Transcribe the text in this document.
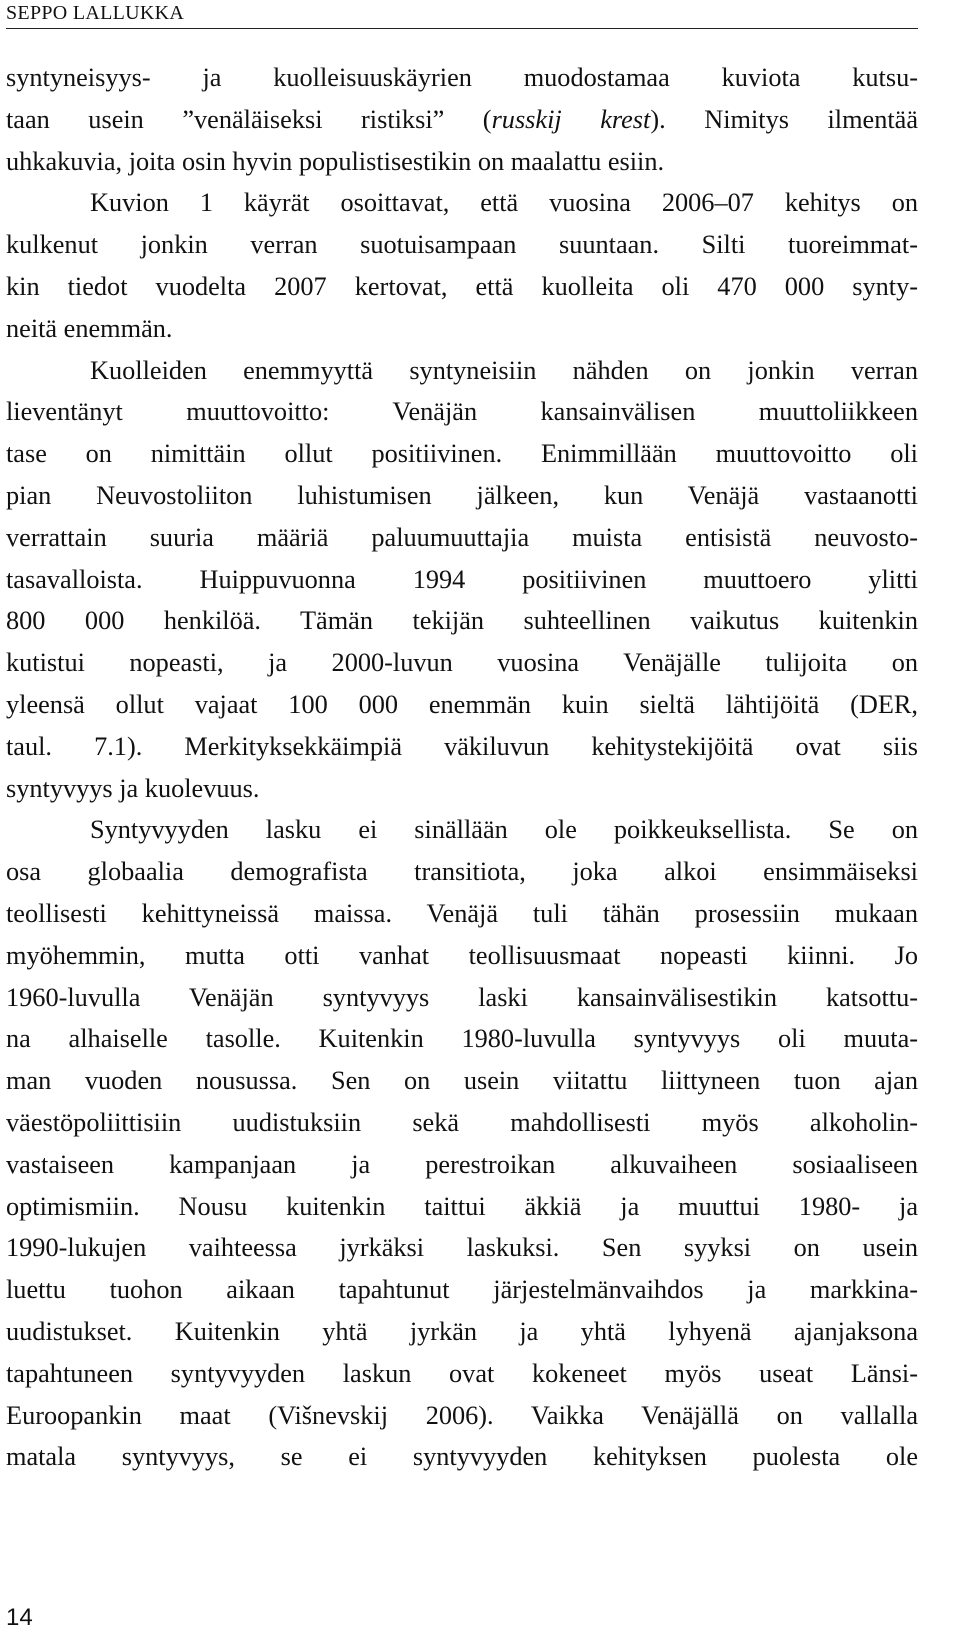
SEPPO LALLUKKA
syntyneisyys- ja kuolleisuuskäyrien muodostamaa kuviota kutsu-
taan usein ”venäläiseksi ristiksi” (russkij krest). Nimitys ilmentää
uhkakuvia, joita osin hyvin populistisestikin on maalattu esiin.
Kuvion 1 käyrät osoittavat, että vuosina 2006–07 kehitys on
kulkenut jonkin verran suotuisampaan suuntaan. Silti tuoreimmat-
kin tiedot vuodelta 2007 kertovat, että kuolleita oli 470 000 synty-
neitä enemmän.
Kuolleiden enemmyyttä syntyneisiin nähden on jonkin verran
lieventänyt muuttovoitto: Venäjän kansainvälisen muuttoliikkeen
tase on nimittäin ollut positiivinen. Enimmillään muuttovoitto oli
pian Neuvostoliiton luhistumisen jälkeen, kun Venäjä vastaanotti
verrattain suuria määriä paluumuuttajia muista entisistä neuvosto-
tasavalloista. Huippuvuonna 1994 positiivinen muuttoero ylitti
800 000 henkilöä. Tämän tekijän suhteellinen vaikutus kuitenkin
kutistui nopeasti, ja 2000-luvun vuosina Venäjälle tulijoita on
yleensä ollut vajaat 100 000 enemmän kuin sieltä lähtijöitä (DER,
taul. 7.1). Merkityksekkäimpiä väkiluvun kehitystekijöitä ovat siis
syntyvyys ja kuolevuus.
Syntyvyyden lasku ei sinällään ole poikkeuksellista. Se on
osa globaalia demografista transitiota, joka alkoi ensimmäiseksi
teollisesti kehittyneissä maissa. Venäjä tuli tähän prosessiin mukaan
myöhemmin, mutta otti vanhat teollisuusmaat nopeasti kiinni. Jo
1960-luvulla Venäjän syntyvyys laski kansainvälisestikin katsottu-
na alhaiselle tasolle. Kuitenkin 1980-luvulla syntyvyys oli muuta-
man vuoden nousussa. Sen on usein viitattu liittyneen tuon ajan
väestöpoliittisiin uudistuksiin sekä mahdollisesti myös alkoholin-
vastaiseen kampanjaan ja perestroikan alkuvaiheen sosiaaliseen
optimismiin. Nousu kuitenkin taittui äkkiä ja muuttui 1980- ja
1990-lukujen vaihteessa jyrkäksi laskuksi. Sen syyksi on usein
luettu tuohon aikaan tapahtunut järjestelmänvaihdos ja markkina-
uudistukset. Kuitenkin yhtä jyrkän ja yhtä lyhyenä ajanjaksona
tapahtuneen syntyvyyden laskun ovat kokeneet myös useat Länsi-
Euroopankin maat (Višnevskij 2006). Vaikka Venäjällä on vallalla
matala syntyvyys, se ei syntyvyyden kehityksen puolesta ole
14
